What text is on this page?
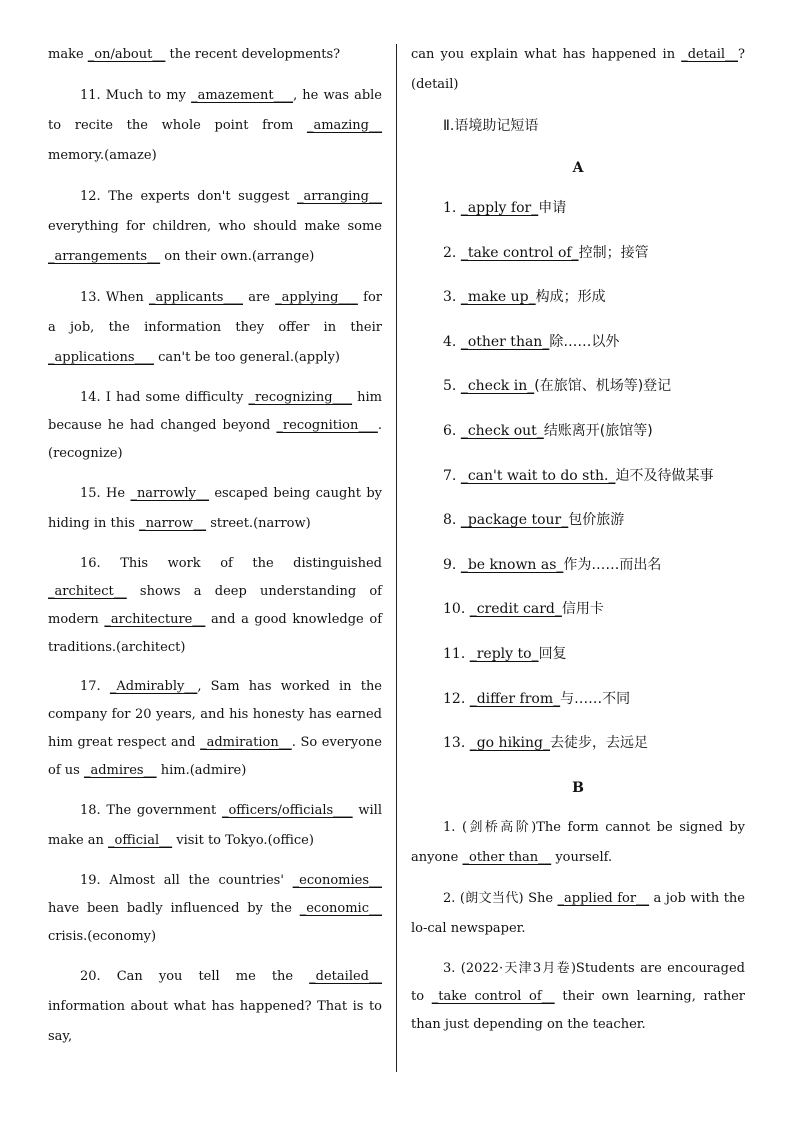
make _on/about__ the recent developments?

11. Much to my _amazement___, he was able to recite the whole point from _amazing__ memory.(amaze)

12. The experts don't suggest _arranging__ everything for children, who should make some _arrangements__ on their own.(arrange)

13. When _applicants___ are _applying___ for a job, the information they offer in their _applications___ can't be too general.(apply)

14. I had some difficulty _recognizing___ him because he had changed beyond _recognition___.(recognize)

15. He _narrowly__ escaped being caught by hiding in this _narrow__ street.(narrow)

16. This work of the distinguished _architect__ shows a deep understanding of modern _architecture__ and a good knowledge of traditions.(architect)

17. _Admirably__, Sam has worked in the company for 20 years, and his honesty has earned him great respect and _admiration__. So everyone of us _admires__ him.(admire)

18. The government _officers/officials___ will make an _official__ visit to Tokyo.(office)

19. Almost all the countries' _economies__ have been badly influenced by the _economic__ crisis.(economy)

20. Can you tell me the _detailed__ information about what has happened? That is to say,

can you explain what has happened in _detail__? (detail)

Ⅱ.语境助记短语
A
1. _apply for_申请
2. _take control of_控制；接管
3. _make up_构成；形成
4. _other than_除……以外
5. _check in_(在旅馆、机场等)登记
6. _check out_结账离开(旅馆等)
7. _can't wait to do sth._迫不及待做某事
8. _package tour_包价旅游
9. _be known as_作为……而出名
10. _credit card_信用卡
11. _reply to_回复
12. _differ from_与……不同
13. _go hiking_去徒步，去远足
B

1. (剑桥高阶)The form cannot be signed by anyone _other than__ yourself.

2. (朗文当代) She _applied for__ a job with the lo-cal newspaper.

3. (2022·天津3月卷)Students are encouraged to _take control of__ their own learning, rather than just depending on the teacher.
